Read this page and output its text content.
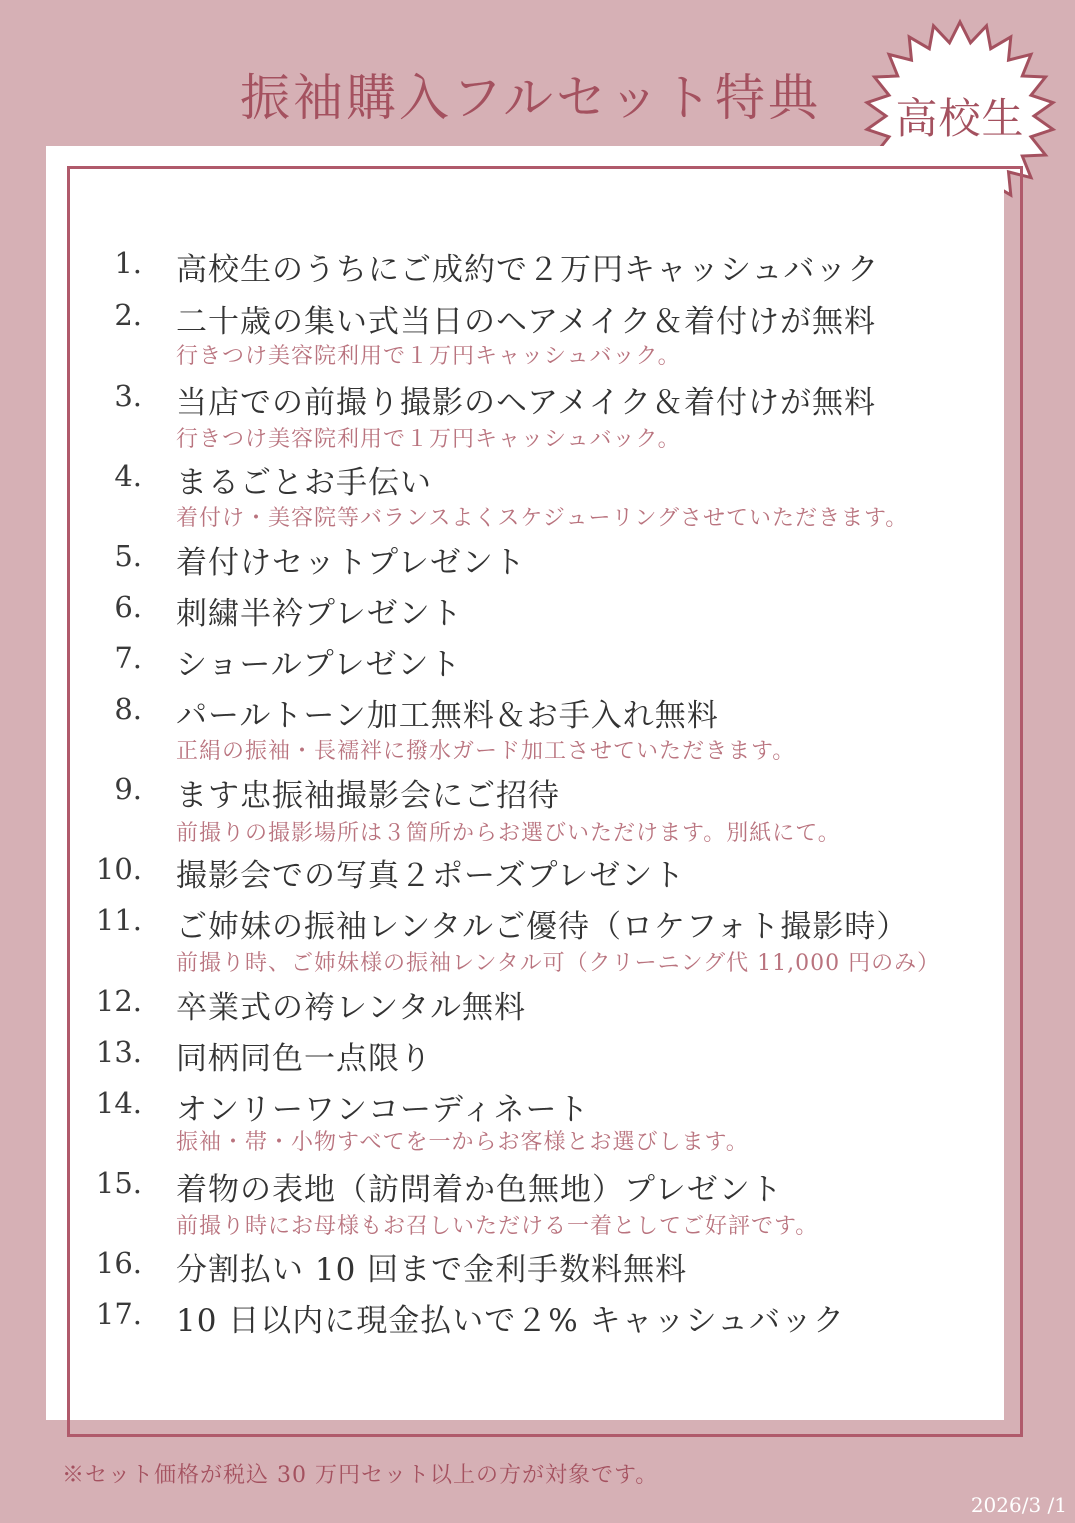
振袖購入フルセット特典	高校生
1. 高校生のうちにご成約で２万円キャッシュバック
2. 二十歳の集い式当日のヘアメイク＆着付けが無料
行きつけ美容院利用で１万円キャッシュバック。
3. 当店での前撮り撮影のヘアメイク＆着付けが無料
行きつけ美容院利用で１万円キャッシュバック。
4. まるごとお手伝い
着付け・美容院等バランスよくスケジューリングさせていただきます。
5. 着付けセットプレゼント
6. 刺繍半衿プレゼント
7. ショールプレゼント
8. パールトーン加工無料＆お手入れ無料
正絹の振袖・長襦袢に撥水ガード加工させていただきます。
9. ます忠振袖撮影会にご招待
前撮りの撮影場所は３箇所からお選びいただけます。別紙にて。
10. 撮影会での写真２ポーズプレゼント
11. ご姉妹の振袖レンタルご優待（ロケフォト撮影時）
前撮り時、ご姉妹様の振袖レンタル可（クリーニング代 11,000 円のみ）
12. 卒業式の袴レンタル無料
13. 同柄同色一点限り
14. オンリーワンコーディネート
振袖・帯・小物すべてを一からお客様とお選びします。
15. 着物の表地（訪問着か色無地）プレゼント
前撮り時にお母様もお召しいただける一着としてご好評です。
16. 分割払い 10 回まで金利手数料無料
17. 10 日以内に現金払いで２% キャッシュバック
※セット価格が税込 30 万円セット以上の方が対象です。
2026/3 /1
